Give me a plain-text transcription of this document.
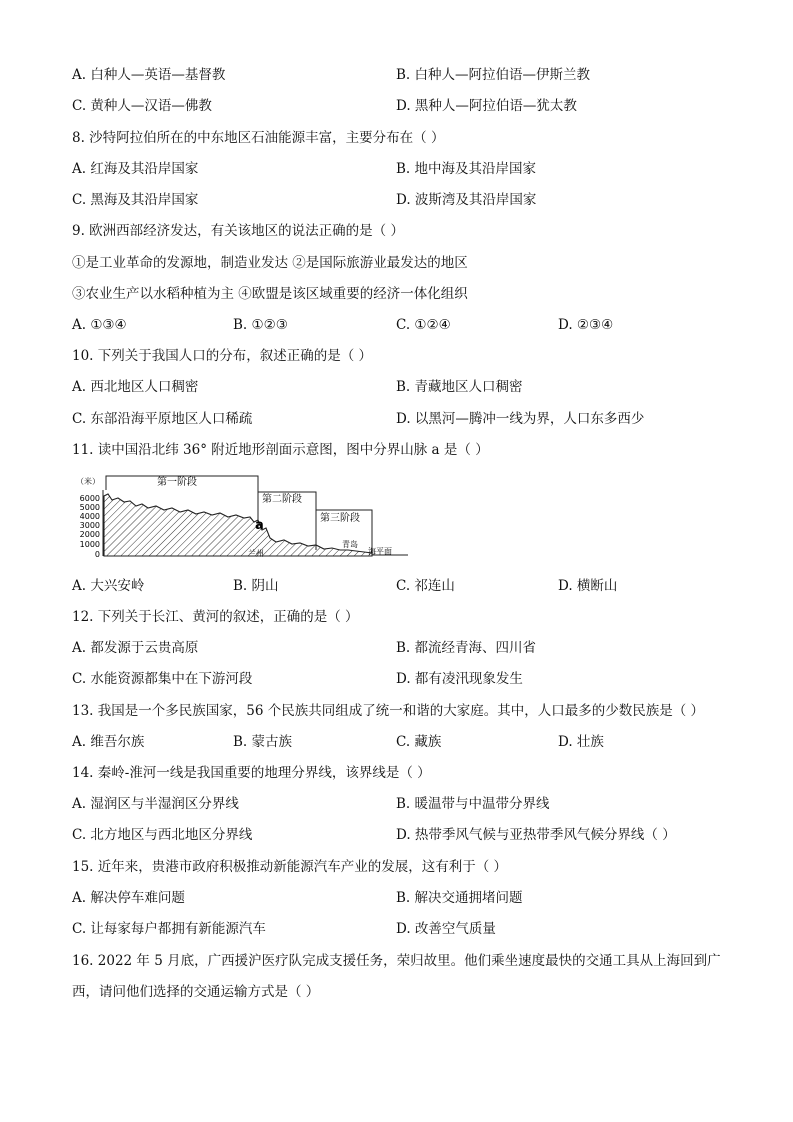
A. 白种人—英语—基督教	B. 白种人—阿拉伯语—伊斯兰教
C. 黄种人—汉语—佛教	D. 黑种人—阿拉伯语—犹太教
8. 沙特阿拉伯所在的中东地区石油能源丰富，主要分布在（ ）
A. 红海及其沿岸国家	B. 地中海及其沿岸国家
C. 黑海及其沿岸国家	D. 波斯湾及其沿岸国家
9. 欧洲西部经济发达，有关该地区的说法正确的是（ ）
①是工业革命的发源地，制造业发达 ②是国际旅游业最发达的地区
③农业生产以水稻种植为主 ④欧盟是该区域重要的经济一体化组织
A. ①③④	B. ①②③	C. ①②④	D. ②③④
10. 下列关于我国人口的分布，叙述正确的是（ ）
A. 西北地区人口稠密	B. 青藏地区人口稠密
C. 东部沿海平原地区人口稀疏	D. 以黑河—腾冲一线为界，人口东多西少
11. 读中国沿北纬 36° 附近地形剖面示意图，图中分界山脉 a 是（ ）
（米）
6000
5000
4000
3000
2000
1000
0
第一阶段
第二阶段
第三阶段
a
兰州
青岛
海平面
A. 大兴安岭	B. 阴山	C. 祁连山	D. 横断山
12. 下列关于长江、黄河的叙述，正确的是（ ）
A. 都发源于云贵高原	B. 都流经青海、四川省
C. 水能资源都集中在下游河段	D. 都有凌汛现象发生
13. 我国是一个多民族国家，56 个民族共同组成了统一和谐的大家庭。其中，人口最多的少数民族是（ ）
A. 维吾尔族	B. 蒙古族	C. 藏族	D. 壮族
14. 秦岭-淮河一线是我国重要的地理分界线，该界线是（ ）
A. 湿润区与半湿润区分界线	B. 暖温带与中温带分界线
C. 北方地区与西北地区分界线	D. 热带季风气候与亚热带季风气候分界线（ ）
15. 近年来，贵港市政府积极推动新能源汽车产业的发展，这有利于（ ）
A. 解决停车难问题	B. 解决交通拥堵问题
C. 让每家每户都拥有新能源汽车	D. 改善空气质量
16. 2022 年 5 月底，广西援沪医疗队完成支援任务，荣归故里。他们乘坐速度最快的交通工具从上海回到广
西，请问他们选择的交通运输方式是（ ）
